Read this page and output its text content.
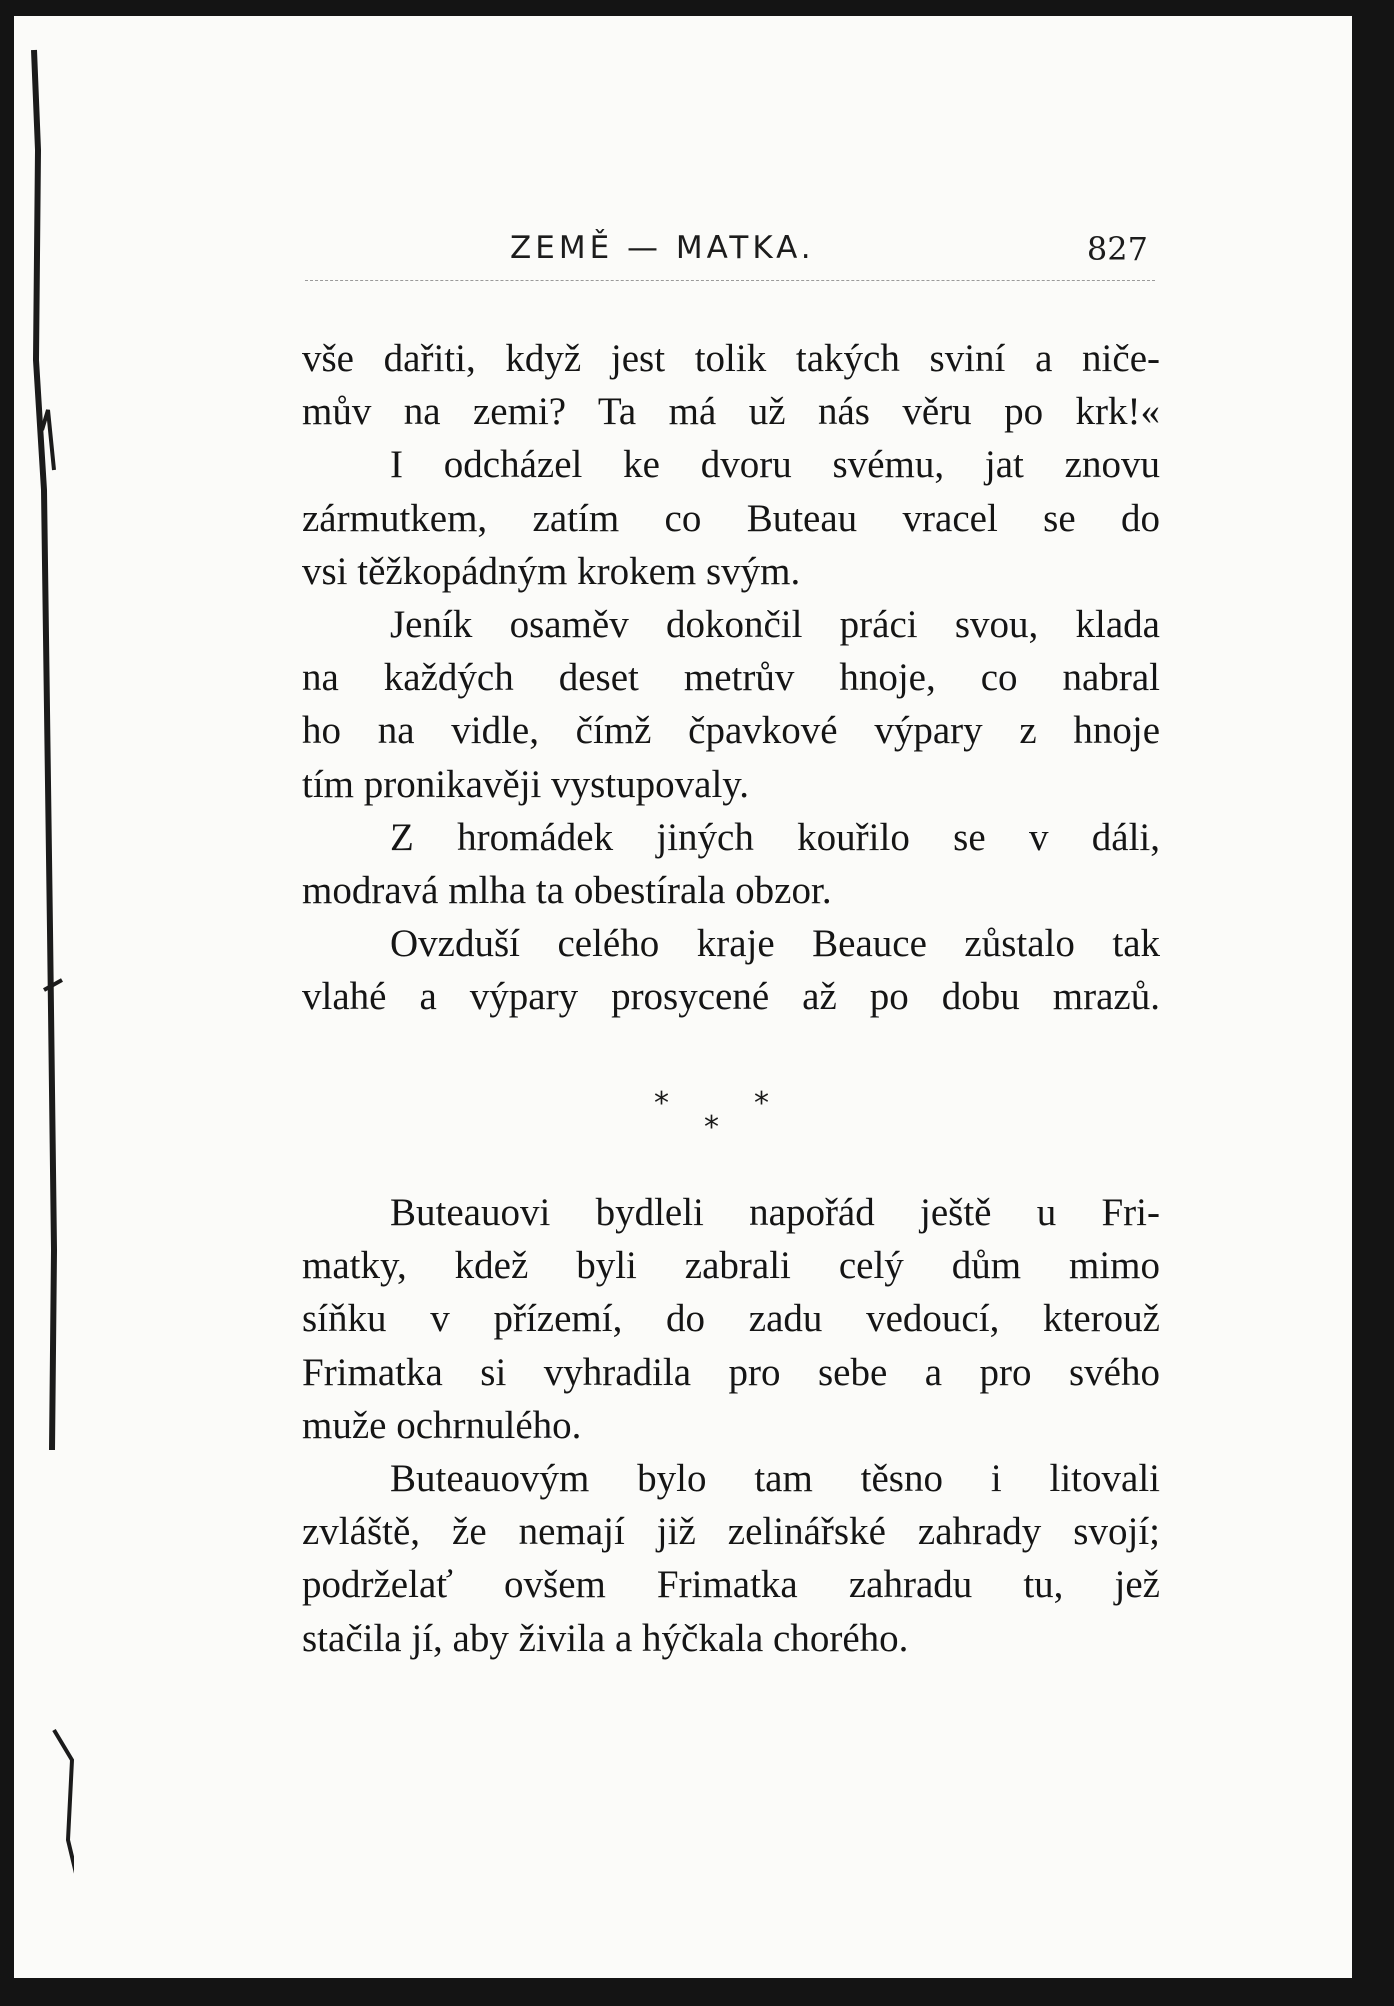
ZEMĚ — MATKA.	827
vše dařiti, když jest tolik takých sviní a niče-
mův na zemi? Ta má už nás věru po krk!«
I odcházel ke dvoru svému, jat znovu
zármutkem, zatím co Buteau vracel se do
vsi těžkopádným krokem svým.
Jeník osaměv dokončil práci svou, klada
na každých deset metrův hnoje, co nabral
ho na vidle, čímž čpavkové výpary z hnoje
tím pronikavěji vystupovaly.
Z hromádek jiných kouřilo se v dáli,
modravá mlha ta obestírala obzor.
Ovzduší celého kraje Beauce zůstalo tak
vlahé a výpary prosycené až po dobu mrazů.
*
*
*
Buteauovi bydleli napořád ještě u Fri-
matky, kdež byli zabrali celý dům mimo
síňku v přízemí, do zadu vedoucí, kterouž
Frimatka si vyhradila pro sebe a pro svého
muže ochrnulého.
Buteauovým bylo tam těsno i litovali
zvláště, že nemají již zelinářské zahrady svojí;
podrželať ovšem Frimatka zahradu tu, jež
stačila jí, aby živila a hýčkala chorého.
